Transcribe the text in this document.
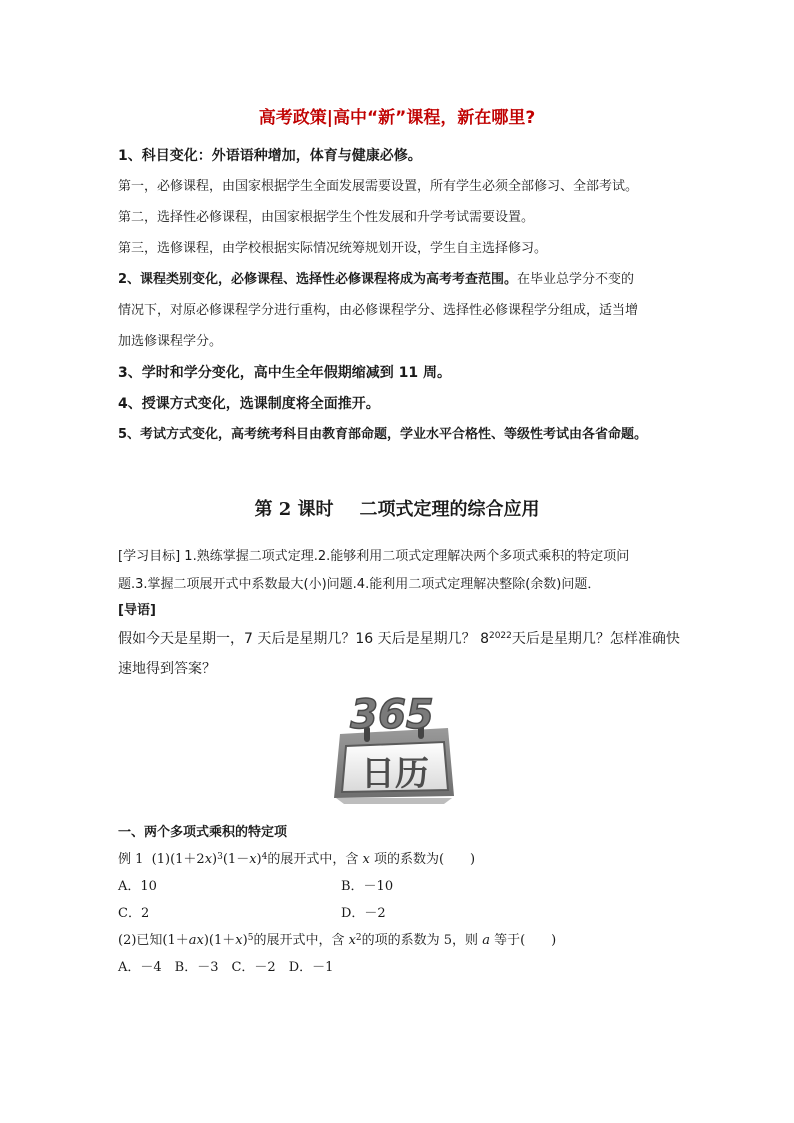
高考政策|高中“新”课程，新在哪里?
1、科目变化：外语语种增加，体育与健康必修。
第一，必修课程，由国家根据学生全面发展需要设置，所有学生必须全部修习、全部考试。
第二，选择性必修课程，由国家根据学生个性发展和升学考试需要设置。
第三，选修课程，由学校根据实际情况统筹规划开设，学生自主选择修习。
2、课程类别变化，必修课程、选择性必修课程将成为高考考查范围。在毕业总学分不变的
情况下，对原必修课程学分进行重构，由必修课程学分、选择性必修课程学分组成，适当增
加选修课程学分。
3、学时和学分变化，高中生全年假期缩减到 11 周。
4、授课方式变化，选课制度将全面推开。
5、考试方式变化，高考统考科目由教育部命题，学业水平合格性、等级性考试由各省命题。
第 2 课时 二项式定理的综合应用
[学习目标] 1.熟练掌握二项式定理.2.能够利用二项式定理解决两个多项式乘积的特定项问
题.3.掌握二项展开式中系数最大(小)问题.4.能利用二项式定理解决整除(余数)问题．
[导语]
假如今天是星期一，7 天后是星期几？16 天后是星期几？ $8^{2022}$天后是星期几？怎样准确快
速地得到答案？
365
日历
一、两个多项式乘积的特定项
例 1 $(1)(1+2x)^3(1-x)^4$的展开式中，含 x 项的系数为(　　)
A．10	B．－10
C．2	D．－2
(2)已知$(1+ax)(1+x)^5$的展开式中，含 $x^2$的项的系数为 5，则 a 等于(　　)
A．－4　B．－3　C．－2　D．－1
